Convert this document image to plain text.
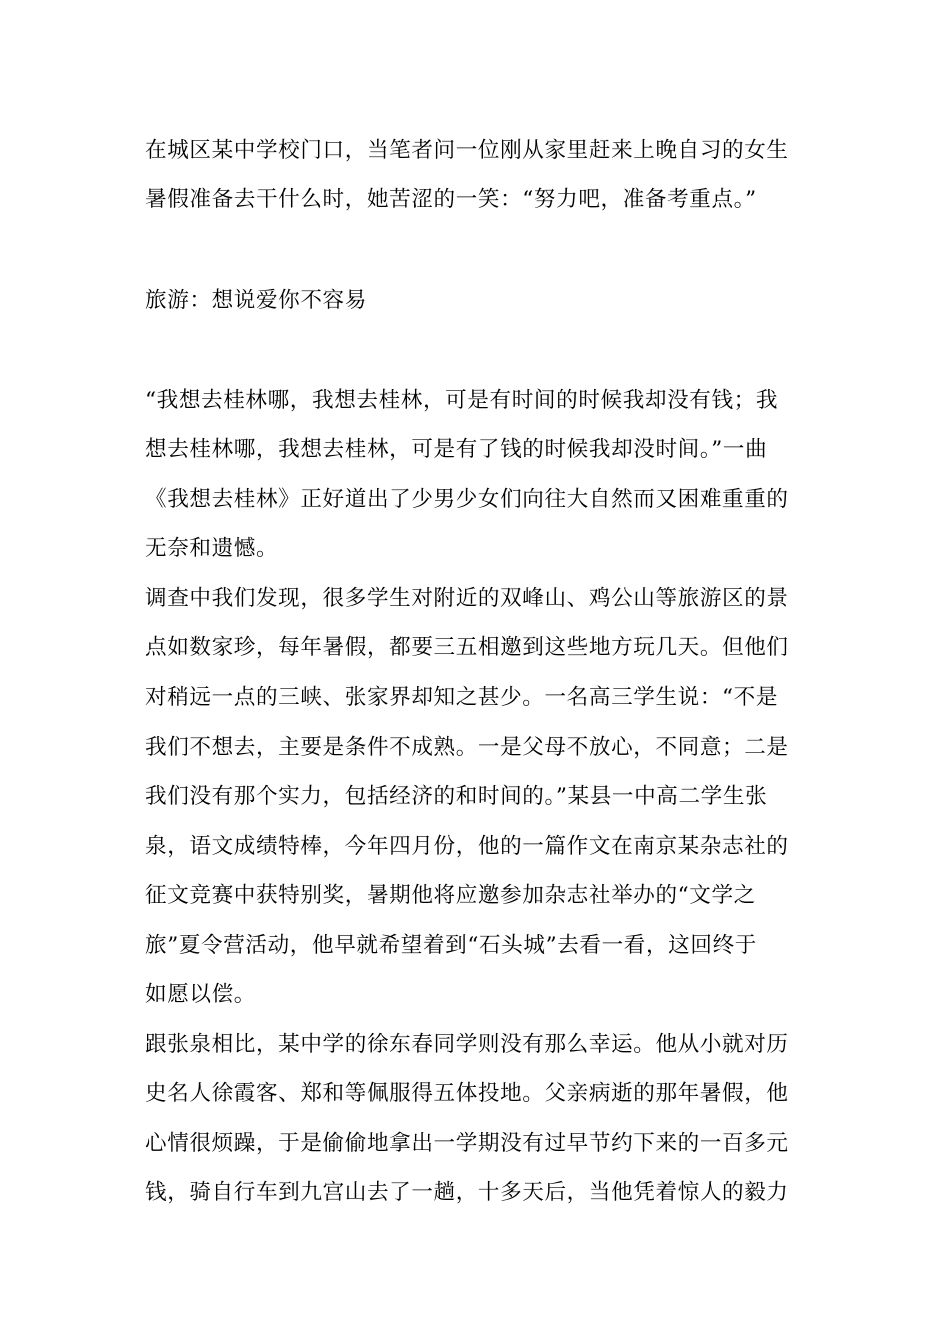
在城区某中学校门口，当笔者问一位刚从家里赶来上晚自习的女生
暑假准备去干什么时，她苦涩的一笑：“努力吧，准备考重点。”
旅游：想说爱你不容易
“我想去桂林哪，我想去桂林，可是有时间的时候我却没有钱；我
想去桂林哪，我想去桂林，可是有了钱的时候我却没时间。”一曲
《我想去桂林》正好道出了少男少女们向往大自然而又困难重重的
无奈和遗憾。
调查中我们发现，很多学生对附近的双峰山、鸡公山等旅游区的景
点如数家珍，每年暑假，都要三五相邀到这些地方玩几天。但他们
对稍远一点的三峡、张家界却知之甚少。一名高三学生说：“不是
我们不想去，主要是条件不成熟。一是父母不放心，不同意；二是
我们没有那个实力，包括经济的和时间的。”某县一中高二学生张
泉，语文成绩特棒，今年四月份，他的一篇作文在南京某杂志社的
征文竞赛中获特别奖，暑期他将应邀参加杂志社举办的“文学之
旅”夏令营活动，他早就希望着到“石头城”去看一看，这回终于
如愿以偿。
跟张泉相比，某中学的徐东春同学则没有那么幸运。他从小就对历
史名人徐霞客、郑和等佩服得五体投地。父亲病逝的那年暑假，他
心情很烦躁，于是偷偷地拿出一学期没有过早节约下来的一百多元
钱，骑自行车到九宫山去了一趟，十多天后，当他凭着惊人的毅力
